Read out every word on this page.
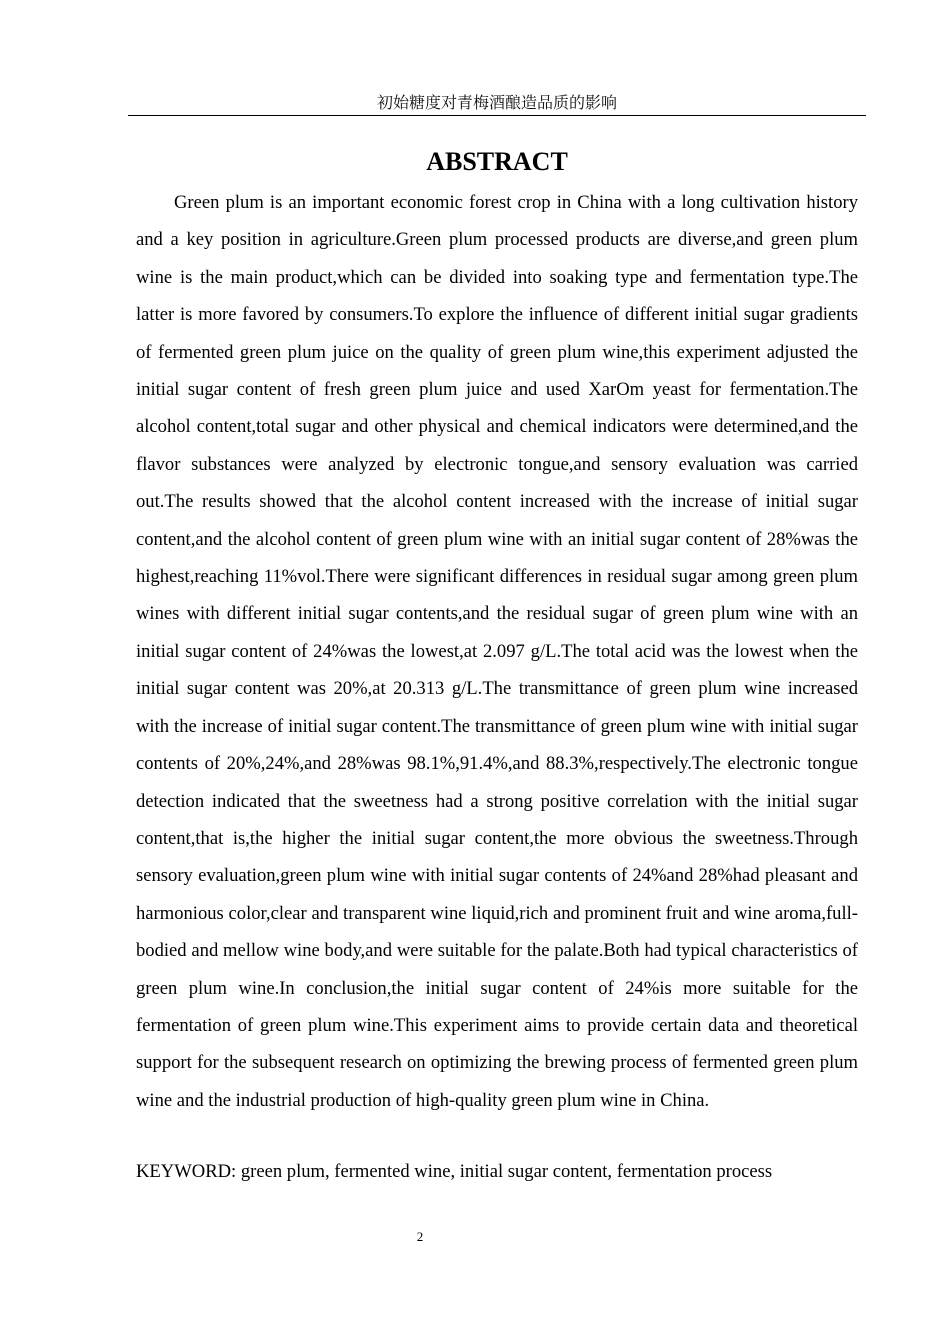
初始糖度对青梅酒酿造品质的影响
ABSTRACT

Green plum is an important economic forest crop in China with a long cultivation history and a key position in agriculture.Green plum processed products are diverse,and green plum wine is the main product,which can be divided into soaking type and fermentation type.The latter is more favored by consumers.To explore the influence of different initial sugar gradients of fermented green plum juice on the quality of green plum wine,this experiment adjusted the initial sugar content of fresh green plum juice and used XarOm yeast for fermentation.The alcohol content,total sugar and other physical and chemical indicators were determined,and the flavor substances were analyzed by electronic tongue,and sensory evaluation was carried out.The results showed that the alcohol content increased with the increase of initial sugar content,and the alcohol content of green plum wine with an initial sugar content of 28%was the highest,reaching 11%vol.There were significant differences in residual sugar among green plum wines with different initial sugar contents,and the residual sugar of green plum wine with an initial sugar content of 24%was the lowest,at 2.097 g/L.The total acid was the lowest when the initial sugar content was 20%,at 20.313 g/L.The transmittance of green plum wine increased with the increase of initial sugar content.The transmittance of green plum wine with initial sugar contents of 20%,24%,and 28%was 98.1%,91.4%,and 88.3%,respectively.The electronic tongue detection indicated that the sweetness had a strong positive correlation with the initial sugar content,that is,the higher the initial sugar content,the more obvious the sweetness.Through sensory evaluation,green plum wine with initial sugar contents of 24%and 28%had pleasant and harmonious color,clear and transparent wine liquid,rich and prominent fruit and wine aroma,full-bodied and mellow wine body,and were suitable for the palate.Both had typical characteristics of green plum wine.In conclusion,the initial sugar content of 24%is more suitable for the fermentation of green plum wine.This experiment aims to provide certain data and theoretical support for the subsequent research on optimizing the brewing process of fermented green plum wine and the industrial production of high-quality green plum wine in China.

KEYWORD: green plum, fermented wine, initial sugar content, fermentation process
2
